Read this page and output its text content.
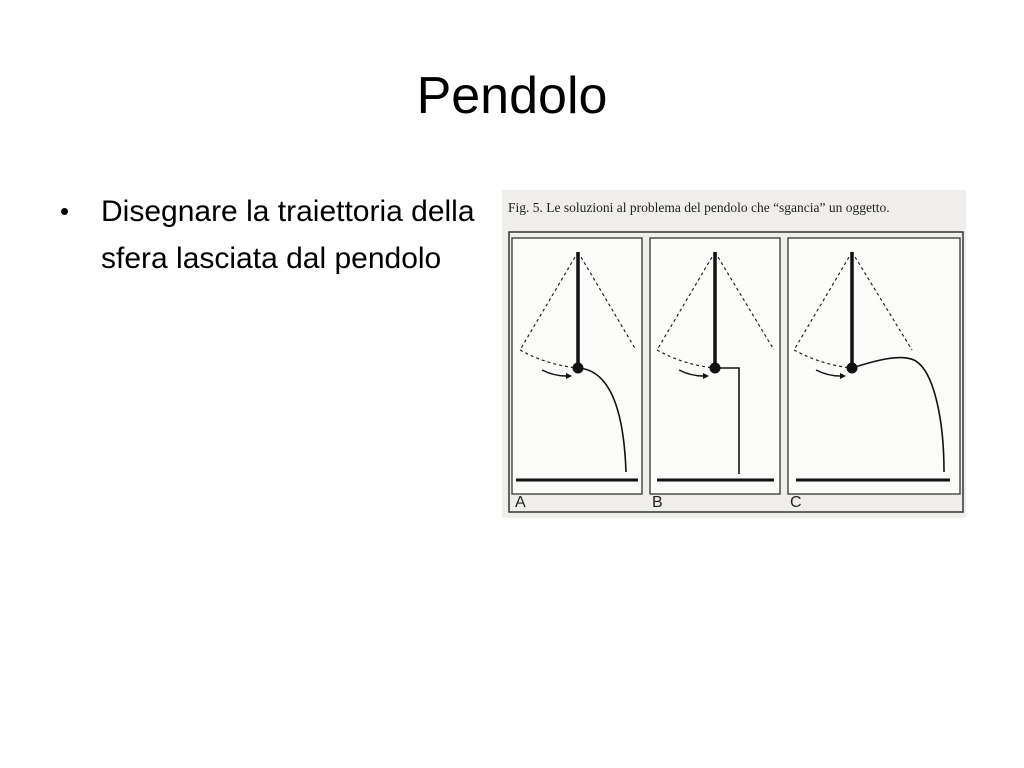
Pendolo
• Disegnare la traiettoria della sfera lasciata dal pendolo
Fig. 5. Le soluzioni al problema del pendolo che “sgancia” un oggetto.
A	B	C
